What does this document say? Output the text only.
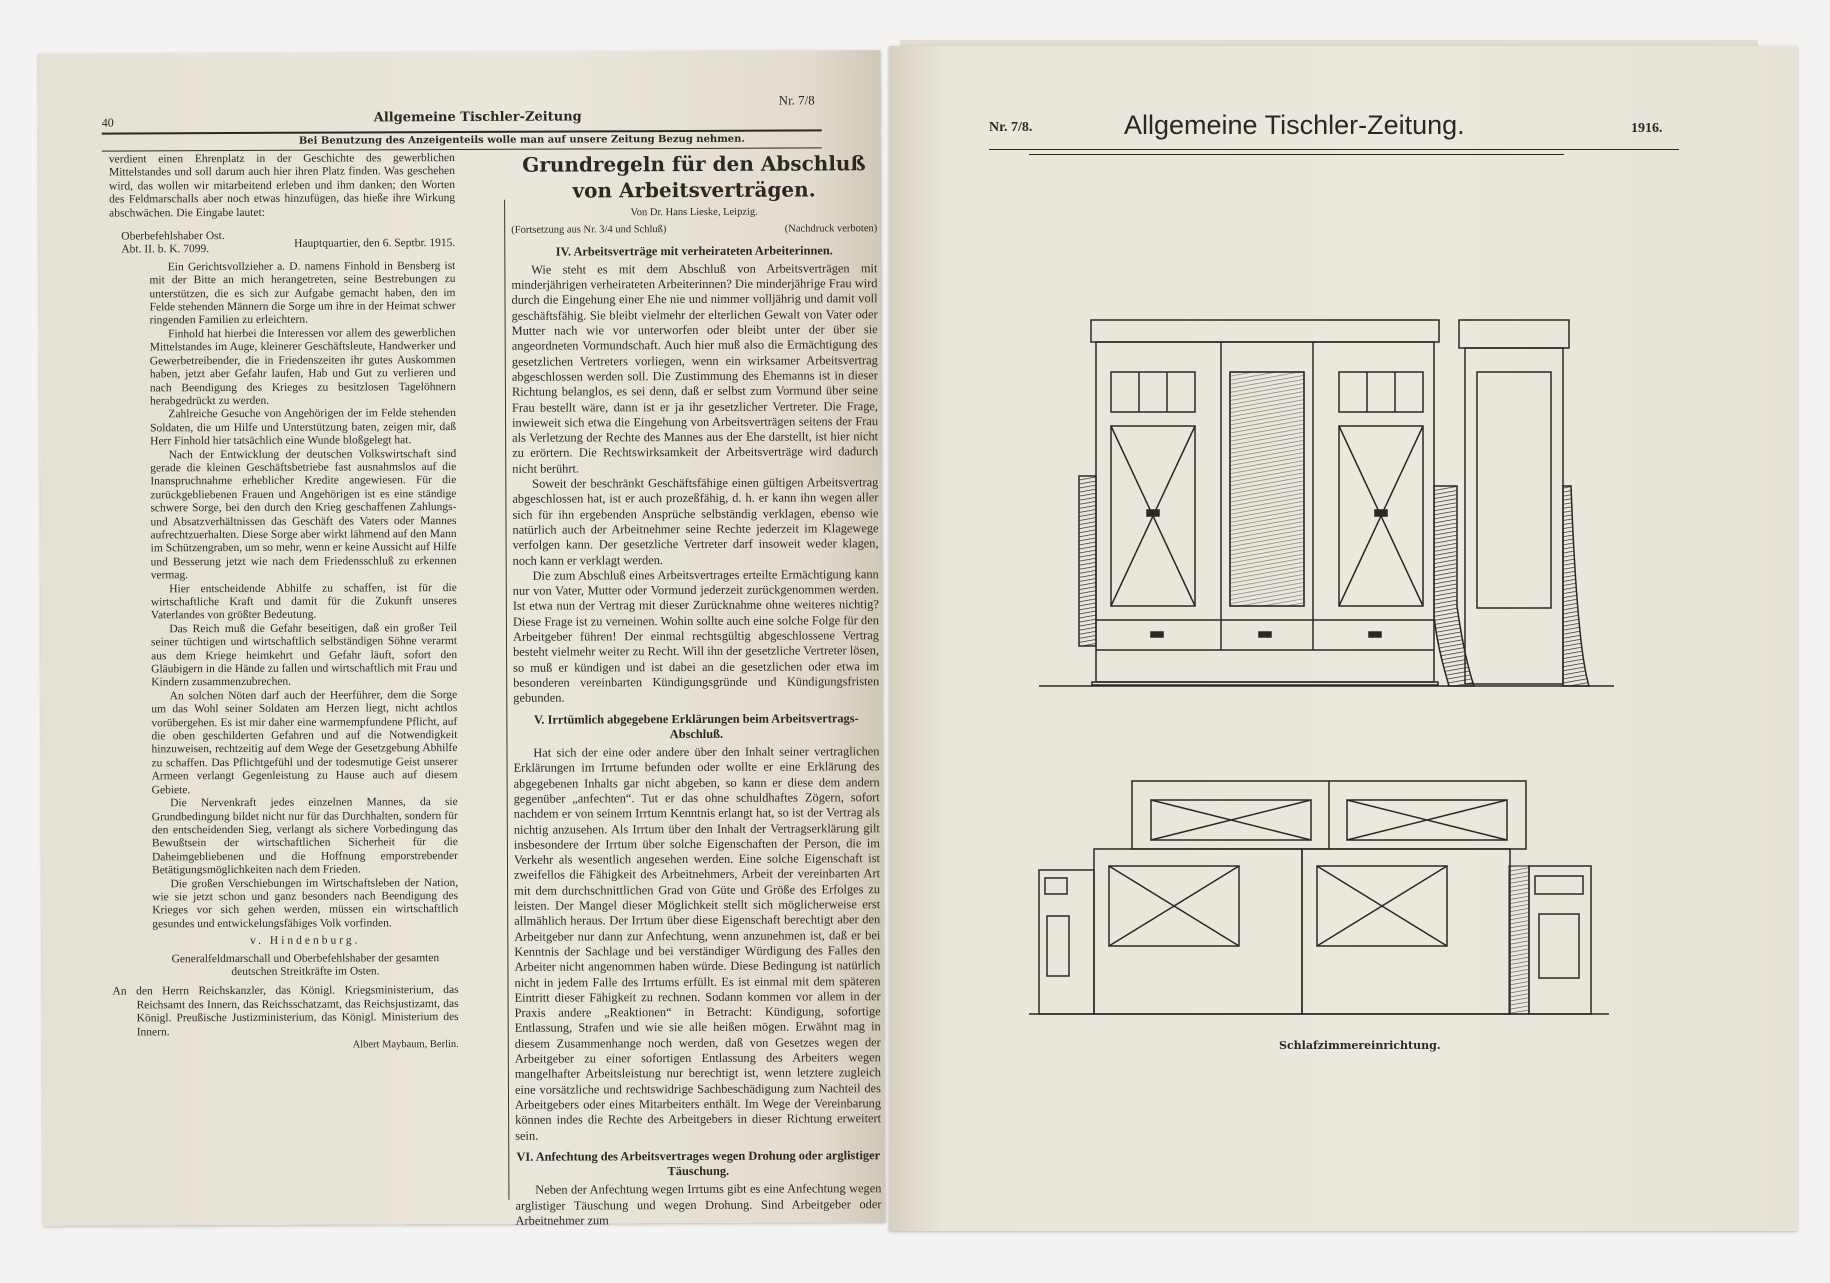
40	Allgemeine Tischler-Zeitung
Nr. 7/8
Bei Benutzung des Anzeigenteils wolle man auf unsere Zeitung Bezug nehmen.

verdient einen Ehrenplatz in der Geschichte des gewerblichen Mittelstandes und soll darum auch hier ihren Platz finden. Was geschehen wird, das wollen wir mitarbeitend erleben und ihm danken; den Worten des Feldmarschalls aber noch etwas hinzufügen, das hieße ihre Wirkung abschwächen. Die Eingabe lautet:

Oberbefehlshaber Ost.
Abt. II. b. K. 7099.	Hauptquartier, den 6. Septbr. 1915.

Ein Gerichtsvollzieher a. D. namens Finhold in Bensberg ist mit der Bitte an mich herangetreten, seine Bestrebungen zu unterstützen, die es sich zur Aufgabe gemacht haben, den im Felde stehenden Männern die Sorge um ihre in der Heimat schwer ringenden Familien zu erleichtern.

Finhold hat hierbei die Interessen vor allem des gewerblichen Mittelstandes im Auge, kleinerer Geschäftsleute, Handwerker und Gewerbetreibender, die in Friedenszeiten ihr gutes Auskommen haben, jetzt aber Gefahr laufen, Hab und Gut zu verlieren und nach Beendigung des Krieges zu besitzlosen Tagelöhnern herabgedrückt zu werden.

Zahlreiche Gesuche von Angehörigen der im Felde stehenden Soldaten, die um Hilfe und Unterstützung baten, zeigen mir, daß Herr Finhold hier tatsächlich eine Wunde bloßgelegt hat.

Nach der Entwicklung der deutschen Volkswirtschaft sind gerade die kleinen Geschäftsbetriebe fast ausnahmslos auf die Inanspruchnahme erheblicher Kredite angewiesen. Für die zurückgebliebenen Frauen und Angehörigen ist es eine ständige schwere Sorge, bei den durch den Krieg geschaffenen Zahlungs- und Absatzverhältnissen das Geschäft des Vaters oder Mannes aufrechtzuerhalten. Diese Sorge aber wirkt lähmend auf den Mann im Schützengraben, um so mehr, wenn er keine Aussicht auf Hilfe und Besserung jetzt wie nach dem Friedensschluß zu erkennen vermag.

Hier entscheidende Abhilfe zu schaffen, ist für die wirtschaftliche Kraft und damit für die Zukunft unseres Vaterlandes von größter Bedeutung.

Das Reich muß die Gefahr beseitigen, daß ein großer Teil seiner tüchtigen und wirtschaftlich selbständigen Söhne verarmt aus dem Kriege heimkehrt und Gefahr läuft, sofort den Gläubigern in die Hände zu fallen und wirtschaftlich mit Frau und Kindern zusammenzubrechen.

An solchen Nöten darf auch der Heerführer, dem die Sorge um das Wohl seiner Soldaten am Herzen liegt, nicht achtlos vorübergehen. Es ist mir daher eine warmempfundene Pflicht, auf die oben geschilderten Gefahren und auf die Notwendigkeit hinzuweisen, rechtzeitig auf dem Wege der Gesetzgebung Abhilfe zu schaffen. Das Pflichtgefühl und der todesmutige Geist unserer Armeen verlangt Gegenleistung zu Hause auch auf diesem Gebiete.

Die Nervenkraft jedes einzelnen Mannes, da sie Grundbedingung bildet nicht nur für das Durchhalten, sondern für den entscheidenden Sieg, verlangt als sichere Vorbedingung das Bewußtsein der wirtschaftlichen Sicherheit für die Daheimgebliebenen und die Hoffnung emporstrebender Betätigungsmöglichkeiten nach dem Frieden.

Die großen Verschiebungen im Wirtschaftsleben der Nation, wie sie jetzt schon und ganz besonders nach Beendigung des Krieges vor sich gehen werden, müssen ein wirtschaftlich gesundes und entwickelungsfähiges Volk vorfinden.

v. Hindenburg.

Generalfeldmarschall und Oberbefehlshaber der gesamten deutschen Streitkräfte im Osten.

An den Herrn Reichskanzler, das Königl. Kriegsministerium, das Reichsamt des Innern, das Reichsschatzamt, das Reichsjustizamt, das Königl. Preußische Justizministerium, das Königl. Ministerium des Innern.

Albert Maybaum, Berlin.

Grundregeln für den Abschluß von Arbeitsverträgen.

Von Dr. Hans Lieske, Leipzig.

(Fortsetzung aus Nr. 3/4 und Schluß)	(Nachdruck verboten)

IV. Arbeitsverträge mit verheirateten Arbeiterinnen.

Wie steht es mit dem Abschluß von Arbeitsverträgen mit minderjährigen verheirateten Arbeiterinnen? Die minderjährige Frau wird durch die Eingehung einer Ehe nie und nimmer volljährig und damit voll geschäftsfähig. Sie bleibt vielmehr der elterlichen Gewalt von Vater oder Mutter nach wie vor unterworfen oder bleibt unter der über sie angeordneten Vormundschaft. Auch hier muß also die Ermächtigung des gesetzlichen Vertreters vorliegen, wenn ein wirksamer Arbeitsvertrag abgeschlossen werden soll. Die Zustimmung des Ehemanns ist in dieser Richtung belanglos, es sei denn, daß er selbst zum Vormund über seine Frau bestellt wäre, dann ist er ja ihr gesetzlicher Vertreter. Die Frage, inwieweit sich etwa die Eingehung von Arbeitsverträgen seitens der Frau als Verletzung der Rechte des Mannes aus der Ehe darstellt, ist hier nicht zu erörtern. Die Rechtswirksamkeit der Arbeitsverträge wird dadurch nicht berührt.

Soweit der beschränkt Geschäftsfähige einen gültigen Arbeitsvertrag abgeschlossen hat, ist er auch prozeßfähig, d. h. er kann ihn wegen aller sich für ihn ergebenden Ansprüche selbständig verklagen, ebenso wie natürlich auch der Arbeitnehmer seine Rechte jederzeit im Klagewege verfolgen kann. Der gesetzliche Vertreter darf insoweit weder klagen, noch kann er verklagt werden.

Die zum Abschluß eines Arbeitsvertrages erteilte Ermächtigung kann nur von Vater, Mutter oder Vormund jederzeit zurückgenommen werden. Ist etwa nun der Vertrag mit dieser Zurücknahme ohne weiteres nichtig? Diese Frage ist zu verneinen. Wohin sollte auch eine solche Folge für den Arbeitgeber führen! Der einmal rechtsgültig abgeschlossene Vertrag besteht vielmehr weiter zu Recht. Will ihn der gesetzliche Vertreter lösen, so muß er kündigen und ist dabei an die gesetzlichen oder etwa im besonderen vereinbarten Kündigungsgründe und Kündigungsfristen gebunden.

V. Irrtümlich abgegebene Erklärungen beim Arbeitsvertrags-Abschluß.

Hat sich der eine oder andere über den Inhalt seiner vertraglichen Erklärungen im Irrtume befunden oder wollte er eine Erklärung des abgegebenen Inhalts gar nicht abgeben, so kann er diese dem andern gegenüber „anfechten“. Tut er das ohne schuldhaftes Zögern, sofort nachdem er von seinem Irrtum Kenntnis erlangt hat, so ist der Vertrag als nichtig anzusehen. Als Irrtum über den Inhalt der Vertragserklärung gilt insbesondere der Irrtum über solche Eigenschaften der Person, die im Verkehr als wesentlich angesehen werden. Eine solche Eigenschaft ist zweifellos die Fähigkeit des Arbeitnehmers, Arbeit der vereinbarten Art mit dem durchschnittlichen Grad von Güte und Größe des Erfolges zu leisten. Der Mangel dieser Möglichkeit stellt sich möglicherweise erst allmählich heraus. Der Irrtum über diese Eigenschaft berechtigt aber den Arbeitgeber nur dann zur Anfechtung, wenn anzunehmen ist, daß er bei Kenntnis der Sachlage und bei verständiger Würdigung des Falles den Arbeiter nicht angenommen haben würde. Diese Bedingung ist natürlich nicht in jedem Falle des Irrtums erfüllt. Es ist einmal mit dem späteren Eintritt dieser Fähigkeit zu rechnen. Sodann kommen vor allem in der Praxis andere „Reaktionen“ in Betracht: Kündigung, sofortige Entlassung, Strafen und wie sie alle heißen mögen. Erwähnt mag in diesem Zusammenhange noch werden, daß von Gesetzes wegen der Arbeitgeber zu einer sofortigen Entlassung des Arbeiters wegen mangelhafter Arbeitsleistung nur berechtigt ist, wenn letztere zugleich eine vorsätzliche und rechtswidrige Sachbeschädigung zum Nachteil des Arbeitgebers oder eines Mitarbeiters enthält. Im Wege der Vereinbarung können indes die Rechte des Arbeitgebers in dieser Richtung erweitert sein.

VI. Anfechtung des Arbeitsvertrages wegen Drohung oder arglistiger Täuschung.

Neben der Anfechtung wegen Irrtums gibt es eine Anfechtung wegen arglistiger Täuschung und wegen Drohung. Sind Arbeitgeber oder Arbeitnehmer zum

Nr. 7/8.	Allgemeine Tischler-Zeitung.	1916.
Schlafzimmereinrichtung.
